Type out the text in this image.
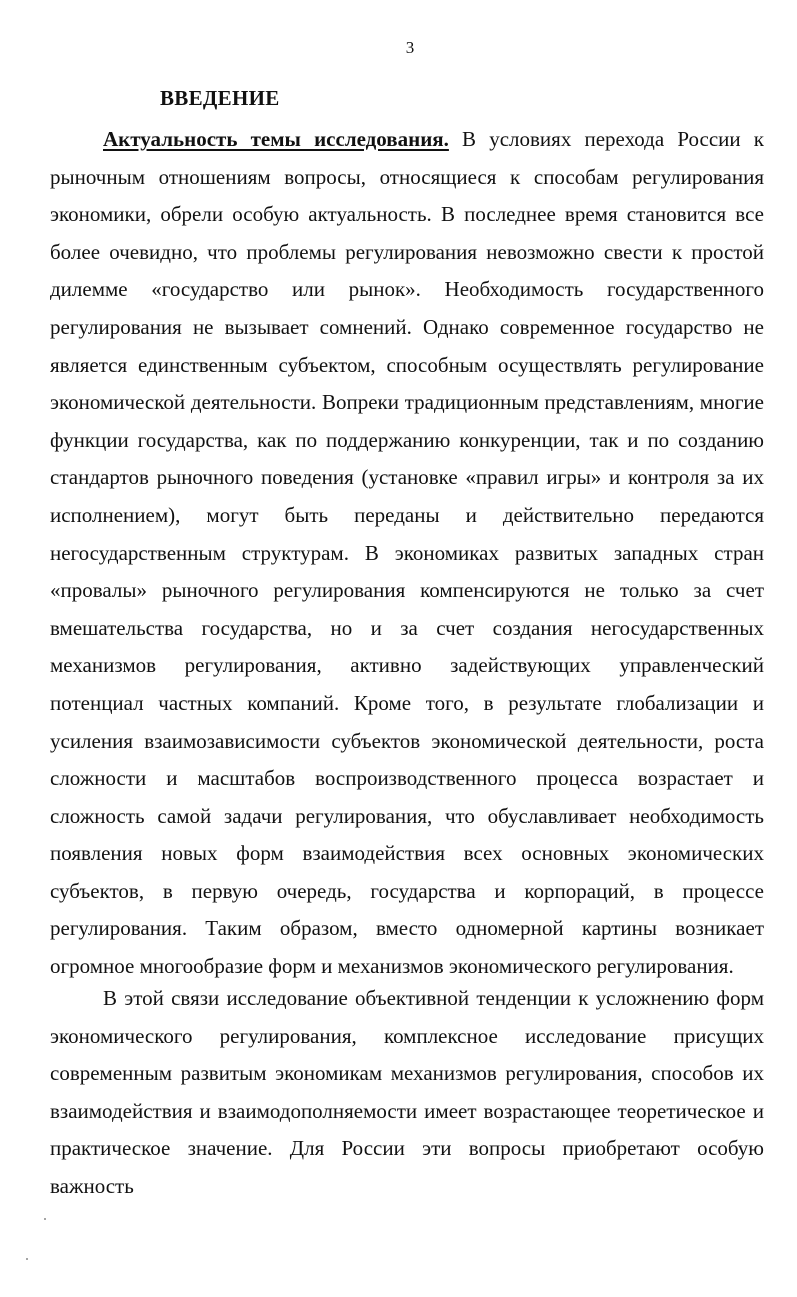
3
ВВЕДЕНИЕ

Актуальность темы исследования. В условиях перехода России к рыночным отношениям вопросы, относящиеся к способам регулирования экономики, обрели особую актуальность. В последнее время становится все более очевидно, что проблемы регулирования невозможно свести к простой дилемме «государство или рынок». Необходимость государственного регулирования не вызывает сомнений. Однако современное государство не является единственным субъектом, способным осуществлять регулирование экономической деятельности. Вопреки традиционным представлениям, многие функции государства, как по поддержанию конкуренции, так и по созданию стандартов рыночного поведения (установке «правил игры» и контроля за их исполнением), могут быть переданы и действительно передаются негосударственным структурам. В экономиках развитых западных стран «провалы» рыночного регулирования компенсируются не только за счет вмешательства государства, но и за счет создания негосударственных механизмов регулирования, активно задействующих управленческий потенциал частных компаний. Кроме того, в результате глобализации и усиления взаимозависимости субъектов экономической деятельности, роста сложности и масштабов воспроизводственного процесса возрастает и сложность самой задачи регулирования, что обуславливает необходимость появления новых форм взаимодействия всех основных экономических субъектов, в первую очередь, государства и корпораций, в процессе регулирования. Таким образом, вместо одномерной картины возникает огромное многообразие форм и механизмов экономического регулирования.

В этой связи исследование объективной тенденции к усложнению форм экономического регулирования, комплексное исследование присущих современным развитым экономикам механизмов регулирования, способов их взаимодействия и взаимодополняемости имеет возрастающее теоретическое и практическое значение. Для России эти вопросы приобретают особую важность
